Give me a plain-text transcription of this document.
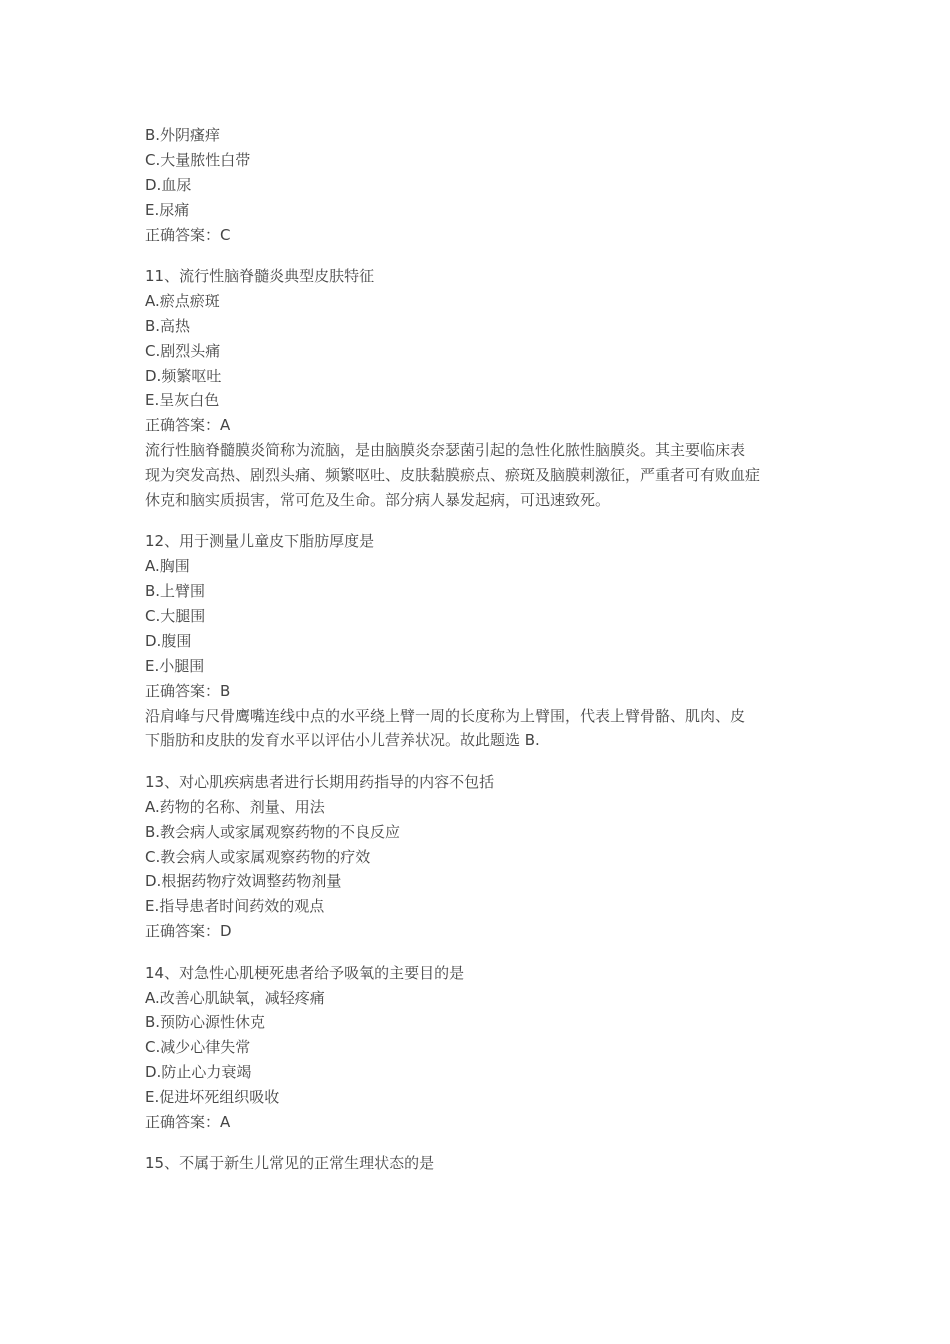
B.外阴瘙痒
C.大量脓性白带
D.血尿
E.尿痛
正确答案：C
11、流行性脑脊髓炎典型皮肤特征
A.瘀点瘀斑
B.高热
C.剧烈头痛
D.频繁呕吐
E.呈灰白色
正确答案：A
流行性脑脊髓膜炎简称为流脑，是由脑膜炎奈瑟菌引起的急性化脓性脑膜炎。其主要临床表
现为突发高热、剧烈头痛、频繁呕吐、皮肤黏膜瘀点、瘀斑及脑膜刺激征，严重者可有败血症
休克和脑实质损害，常可危及生命。部分病人暴发起病，可迅速致死。
12、用于测量儿童皮下脂肪厚度是
A.胸围
B.上臂围
C.大腿围
D.腹围
E.小腿围
正确答案：B
沿肩峰与尺骨鹰嘴连线中点的水平绕上臂一周的长度称为上臂围，代表上臂骨骼、肌肉、皮
下脂肪和皮肤的发育水平以评估小儿营养状况。故此题选 B.
13、对心肌疾病患者进行长期用药指导的内容不包括
A.药物的名称、剂量、用法
B.教会病人或家属观察药物的不良反应
C.教会病人或家属观察药物的疗效
D.根据药物疗效调整药物剂量
E.指导患者时间药效的观点
正确答案：D
14、对急性心肌梗死患者给予吸氧的主要目的是
A.改善心肌缺氧，减轻疼痛
B.预防心源性休克
C.减少心律失常
D.防止心力衰竭
E.促进坏死组织吸收
正确答案：A
15、不属于新生儿常见的正常生理状态的是
